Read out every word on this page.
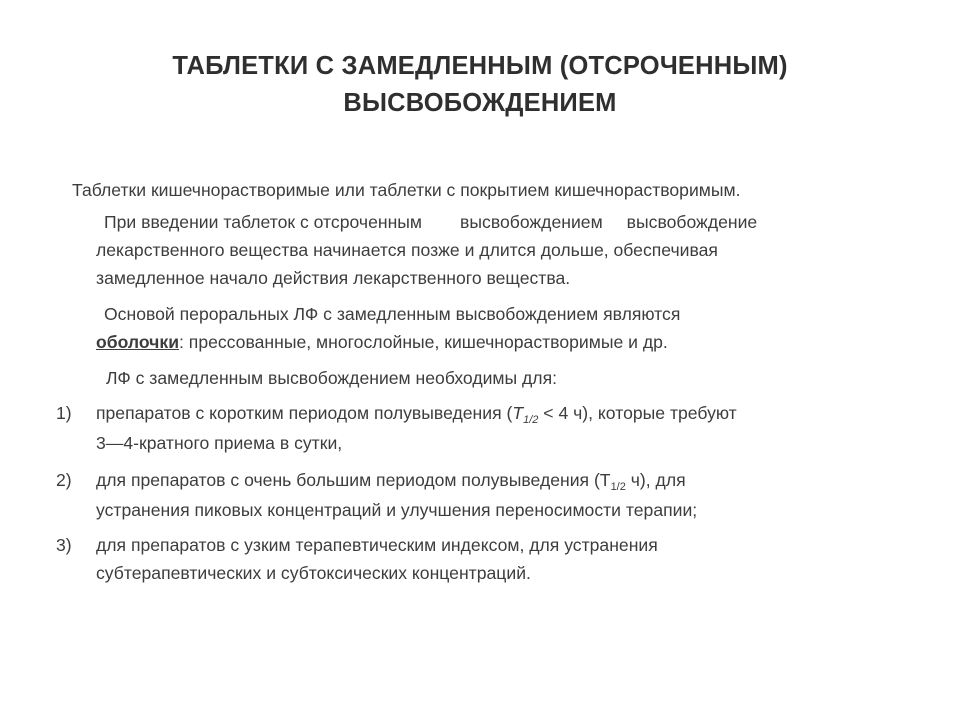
ТАБЛЕТКИ С ЗАМЕДЛЕННЫМ (ОТСРОЧЕННЫМ)
ВЫСВОБОЖДЕНИЕМ

Таблетки кишечнорастворимые или таблетки с покрытием кишечнорастворимым.

При введении таблеток с отсроченным высвобождением высвобождение

лекарственного вещества начинается позже и длится дольше, обеспечивая

замедленное начало действия лекарственного вещества.

Основой пероральных ЛФ с замедленным высвобождением являются

оболочки: прессованные, многослойные, кишечнорастворимые и др.

ЛФ с замедленным высвобождением необходимы для:

1) препаратов с коротким периодом полувыведения ($Т_{1/2} < 4$ ч), которые требуют

3—4-кратного приема в сутки,

2) для препаратов с очень большим периодом полувыведения ($Т_{1/2}$ ч), для

устранения пиковых концентраций и улучшения переносимости терапии;

3) для препаратов с узким терапевтическим индексом, для устранения

субтерапевтических и субтоксических концентраций.
